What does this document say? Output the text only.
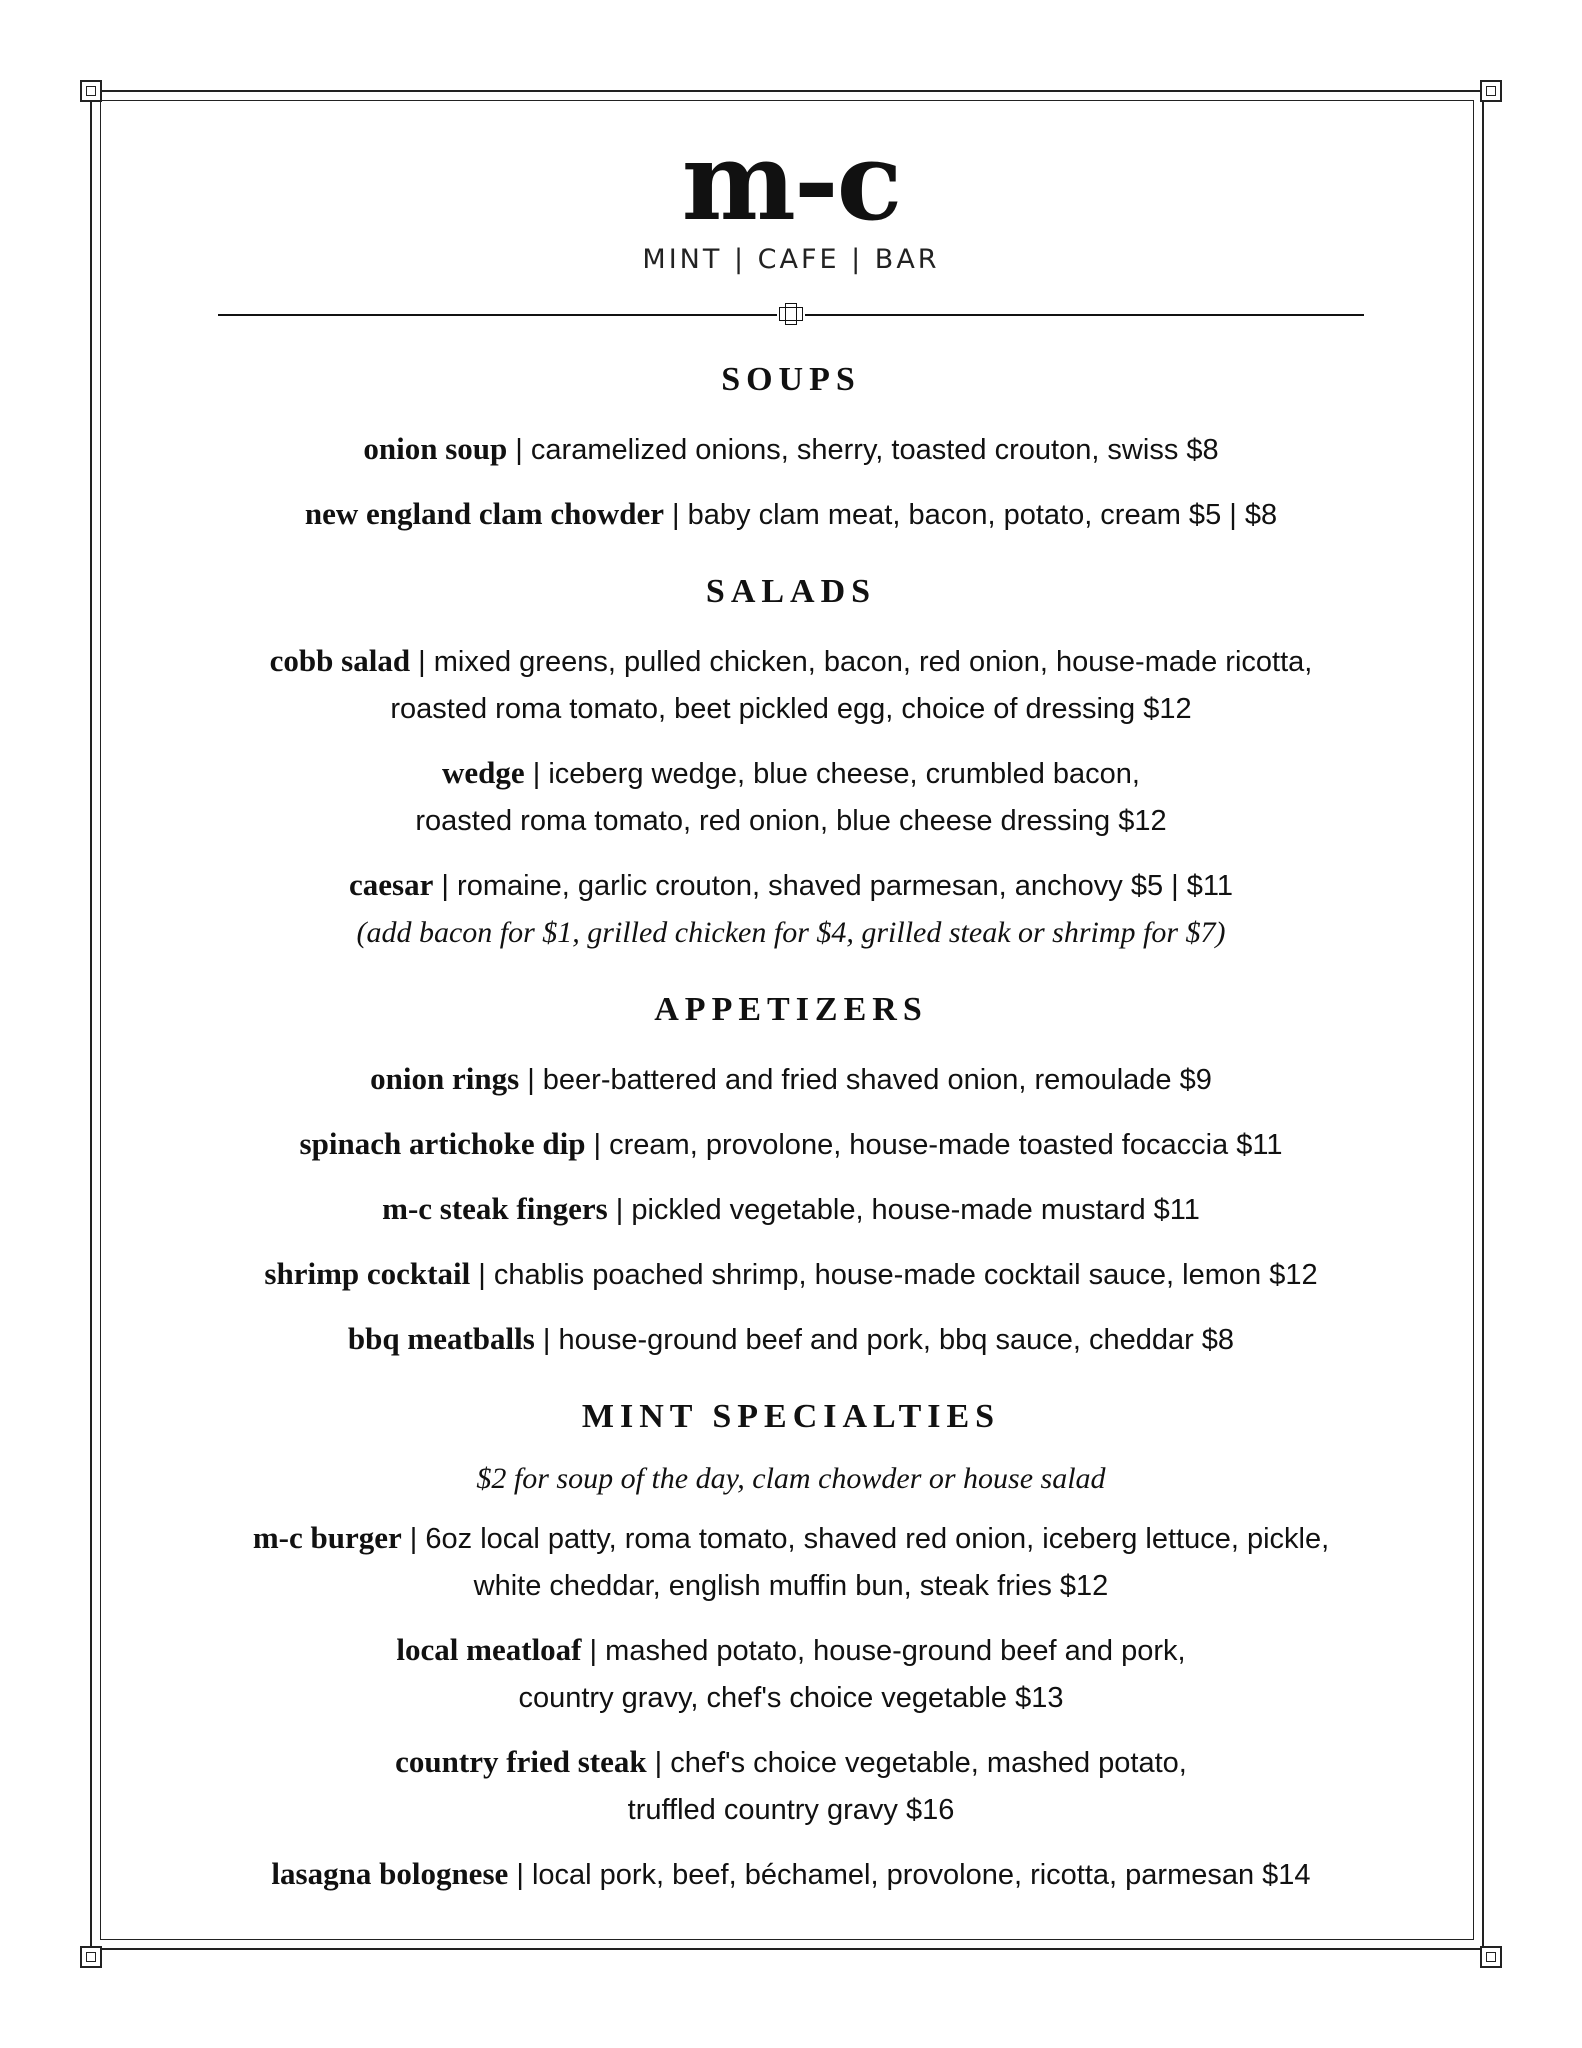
m-c
MINT | CAFE | BAR
SOUPS
onion soup | caramelized onions, sherry, toasted crouton, swiss $8
new england clam chowder | baby clam meat, bacon, potato, cream $5 | $8
SALADS
cobb salad | mixed greens, pulled chicken, bacon, red onion, house-made ricotta,
roasted roma tomato, beet pickled egg, choice of dressing $12
wedge | iceberg wedge, blue cheese, crumbled bacon,
roasted roma tomato, red onion, blue cheese dressing $12
caesar | romaine, garlic crouton, shaved parmesan, anchovy $5 | $11
(add bacon for $1, grilled chicken for $4, grilled steak or shrimp for $7)
APPETIZERS
onion rings | beer-battered and fried shaved onion, remoulade $9
spinach artichoke dip | cream, provolone, house-made toasted focaccia $11
m-c steak fingers | pickled vegetable, house-made mustard $11
shrimp cocktail | chablis poached shrimp, house-made cocktail sauce, lemon $12
bbq meatballs | house-ground beef and pork, bbq sauce, cheddar $8
MINT SPECIALTIES
$2 for soup of the day, clam chowder or house salad
m-c burger | 6oz local patty, roma tomato, shaved red onion, iceberg lettuce, pickle,
white cheddar, english muffin bun, steak fries $12
local meatloaf | mashed potato, house-ground beef and pork,
country gravy, chef's choice vegetable $13
country fried steak | chef's choice vegetable, mashed potato,
truffled country gravy $16
lasagna bolognese | local pork, beef, béchamel, provolone, ricotta, parmesan $14
